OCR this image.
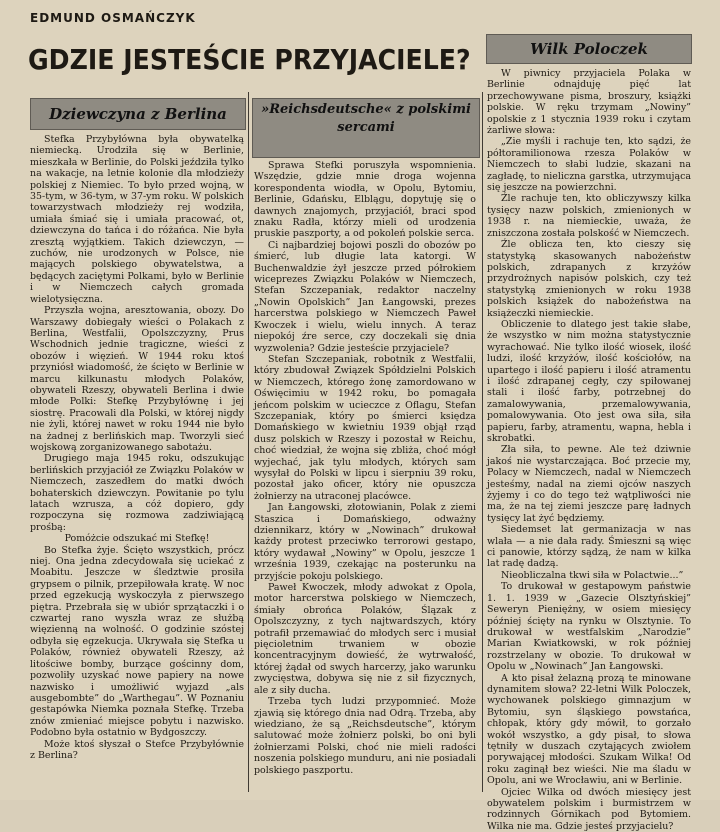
EDMUND OSMAŃCZYK
GDZIE JESTEŚCIE PRZYJACIELE?
Dziewczyna z Berlina

Stefka Przybyłówna była obywatelką niemiecką. Urodziła się w Berlinie, mieszkała w Berlinie, do Polski jeździła tylko na wakacje, na letnie kolonie dla młodzieży polskiej z Niemiec. To było przed wojną, w 35-tym, w 36-tym, w 37-ym roku. W polskich towarzystwach młodzieży rej wodziła, umiała śmiać się i umiała pracować, ot, dziewczyna do tańca i do różańca. Nie była zresztą wyjątkiem. Takich dziewczyn, — zuchów, nie urodzonych w Polsce, nie mających polskiego obywatelstwa, a będących zaciętymi Polkami, było w Berlinie i w Niemczech całych gromada wielotysięczna.

Przyszła wojna, aresztowania, obozy. Do Warszawy dobiegały wieści o Polakach z Berlina, Westfalii, Opolszczyzny, Prus Wschodnich jednie tragiczne, wieści z obozów i więzień. W 1944 roku ktoś przyniósł wiadomość, że ścięto w Berlinie w marcu kilkunastu młodych Polaków, obywateli Rzeszy, obywateli Berlina i dwie młode Polki: Stefkę Przybyłównę i jej siostrę. Pracowali dla Polski, w której nigdy nie żyli, której nawet w roku 1944 nie było na żadnej z berlińskich map. Tworzyli sieć wojskową zorganizowanego sabotażu.

Drugiego maja 1945 roku, odszukując berlińskich przyjaciół ze Związku Polaków w Niemczech, zaszedłem do matki dwóch bohaterskich dziewczyn. Powitanie po tylu latach wzrusza, a cóż dopiero, gdy rozpoczyna się rozmowa zadziwiającą prośbą:

Pomóżcie odszukać mi Stefkę!

Bo Stefka żyje. Ścięto wszystkich, prócz niej. Ona jedna zdecydowała się uciekać z Moabitu. Jeszcze w śledztwie prosiła grypsem o pilnik, przepiłowała kratę. W noc przed egzekucją wyskoczyła z pierwszego piętra. Przebrała się w ubiór sprzątaczki i o czwartej rano wyszła wraz ze służbą więzienną na wolność. O godzinie szóstej odbyła się egzekucja. Ukrywała się Stefka u Polaków, również obywateli Rzeszy, aż litościwe bomby, burzące gościnny dom, pozwoliły uzyskać nowe papiery na nowe nazwisko i umożliwić wyjazd „als ausgebombte” do „Warthegau”. W Poznaniu gestapówka Niemka poznała Stefkę. Trzeba znów zmieniać miejsce pobytu i nazwisko. Podobno była ostatnio w Bydgoszczy.

Może ktoś słyszał o Stefce Przybyłównie z Berlina?

»Reichsdeutsche« z polskimi sercami

Sprawa Stefki poruszyła wspomnienia. Wszędzie, gdzie mnie droga wojenna korespondenta wiodła, w Opolu, Bytomiu, Berlinie, Gdańsku, Elblągu, dopytuję się o dawnych znajomych, przyjaciół, braci spod znaku Radła, którzy mieli od urodzenia pruskie paszporty, a od pokoleń polskie serca.

Ci najbardziej bojowi poszli do obozów po śmierć, lub długie lata katorgi. W Buchenwaldzie żył jeszcze przed półrokiem wiceprezes Związku Polaków w Niemczech, Stefan Szczepaniak, redaktor naczelny „Nowin Opolskich” Jan Łangowski, prezes harcerstwa polskiego w Niemczech Paweł Kwoczek i wielu, wielu innych. A teraz niepokój źre serce, czy doczekali się dnia wyzwolenia? Gdzie jesteście przyjaciele?

Stefan Szczepaniak, robotnik z Westfalii, który zbudował Związek Spółdzielni Polskich w Niemczech, którego żonę zamordowano w Oświęcimiu w 1942 roku, bo pomagała jeńcom polskim w ucieczce z Oflagu, Stefan Szczepaniak, który po śmierci księdza Domańskiego w kwietniu 1939 objął rząd dusz polskich w Rzeszy i pozostał w Reichu, choć wiedział, że wojna się zbliża, choć mógł wyjechać, jak tylu młodych, których sam wysyłał do Polski w lipcu i sierpniu 39 roku, pozostał jako oficer, który nie opuszcza żołnierzy na utraconej placówce.

Jan Łangowski, złotowianin, Polak z ziemi Staszica i Domańskiego, odważny dziennikarz, który w „Nowinach” drukował każdy protest przeciwko terrorowi gestapo, który wydawał „Nowiny” w Opolu, jeszcze 1 września 1939, czekając na posterunku na przyjście pokoju polskiego.

Paweł Kwoczek, młody adwokat z Opola, motor harcerstwa polskiego w Niemczech, śmiały obrońca Polaków, Ślązak z Opolszczyzny, z tych najtwardszych, który potrafił przemawiać do młodych serc i musiał pięcioletnim trwaniem w obozie koncentracyjnym dowieść, że wytrwałość, której żądał od swych harcerzy, jako warunku zwycięstwa, dobywa się nie z sił fizycznych, ale z siły ducha.

Trzeba tych ludzi przypomnieć. Może zjawią się którego dnia nad Odrą. Trzeba, aby wiedziano, że są „Reichsdeutsche”, którym salutować może żołnierz polski, bo oni byli żołnierzami Polski, choć nie mieli radości noszenia polskiego munduru, ani nie posiadali polskiego paszportu.

Wilk Poloczek

W piwnicy przyjaciela Polaka w Berlinie odnajduję pięć lat przechowywane pisma, broszury, książki polskie. W ręku trzymam „Nowiny” opolskie z 1 stycznia 1939 roku i czytam żarliwe słowa:

„Zie myśli i rachuje ten, kto sądzi, że półtoramilionowa rzesza Polaków w Niemczech to słabi ludzie, skazani na zagładę, to nieliczna garstka, utrzymująca się jeszcze na powierzchni.

Źle rachuje ten, kto obliczywszy kilka tysięcy nazw polskich, zmienionych w 1938 r. na niemieckie, uważa, że zniszczona została polskość w Niemczech.

Źle oblicza ten, kto cieszy się statystyką skasowanych nabożeństw polskich, zdrapanych z krzyżów przydrożnych napisów polskich, czy też statystyką zmienionych w roku 1938 polskich książek do nabożeństwa na książeczki niemieckie.

Obliczenie to dlatego jest takie słabe, że wszystko w nim można statystycznie wyrachować. Nie tylko ilość wiosek, ilość ludzi, ilość krzyżów, ilość kościołów, na upartego i ilość papieru i ilość atramentu i ilość zdrapanej cegły, czy spiłowanej stali i ilość farby, potrzebnej do zamalowywania, przemalowywania, pomalowywania. Oto jest owa siła, siła papieru, farby, atramentu, wapna, hebla i skrobatki.

Zła siła, to pewne. Ale też dziwnie jakoś nie wystarczająca. Boć przecie my, Polacy w Niemczech, nadal w Niemczech jesteśmy, nadal na ziemi ojców naszych żyjemy i co do tego też wątpliwości nie ma, że na tej ziemi jeszcze parę ładnych tysięcy lat żyć będziemy.

Siedemset lat germanizacja w nas wlała — a nie dała rady. Śmieszni są więc ci panowie, którzy sądzą, że nam w kilka lat radę dadzą.

Nieobliczalna tkwi siła w Polactwie...”

To drukował w gestapowym państwie 1. 1. 1939 w „Gazecie Olsztyńskiej” Seweryn Pieniężny, w osiem miesięcy później ścięty na rynku w Olsztynie. To drukował w westfalskim „Narodzie” Marian Kwiatkowski, w rok później rozstrzelany w obozie. To drukował w Opolu w „Nowinach” Jan Łangowski.

A kto pisał żelazną prozą te minowane dynamitem słowa? 22-letni Wilk Poloczek, wychowanek polskiego gimnazjum w Bytomiu, syn śląskiego powstańca, chłopak, który gdy mówił, to gorzało wokół wszystko, a gdy pisał, to słowa tętniły w duszach czytających zwiołem porywającej młodości. Szukam Wilka! Od roku zaginął bez wieści. Nie ma śladu w Opolu, ani we Wrocławiu, ani w Berlinie.

Ojciec Wilka od dwóch miesięcy jest obywatelem polskim i burmistrzem w rodzinnych Górnikach pod Bytomiem. Wilka nie ma. Gdzie jesteś przyjacielu?
